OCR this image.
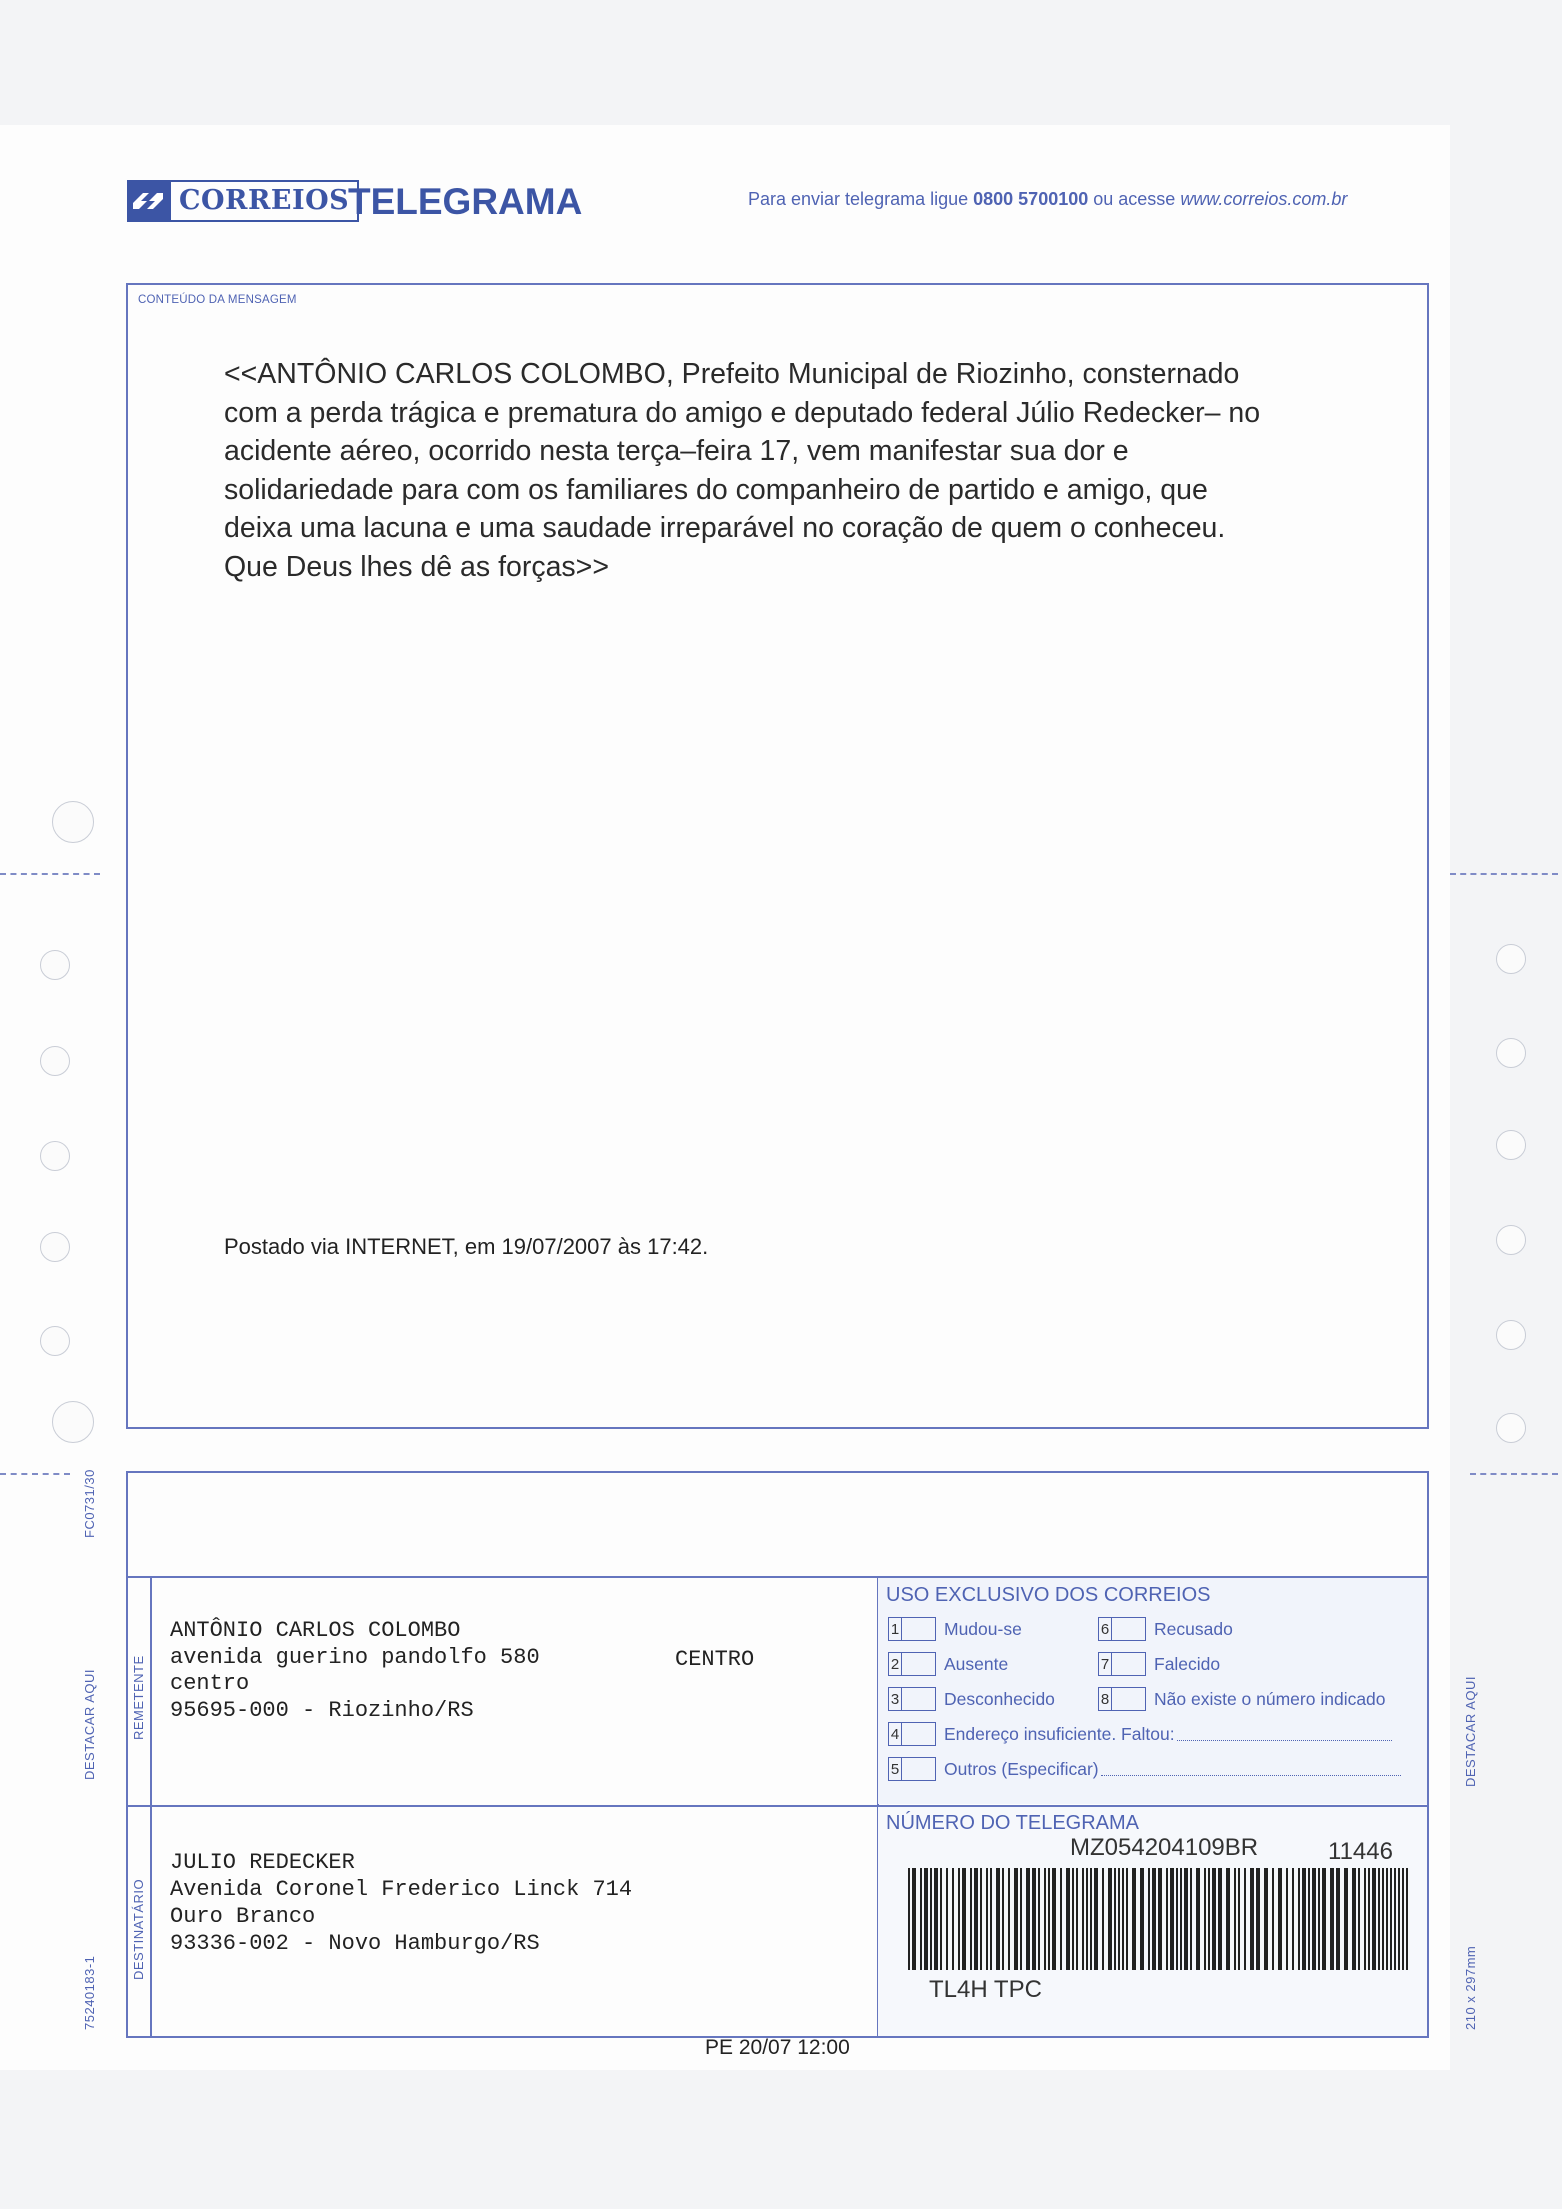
CORREIOS
TELEGRAMA	Para enviar telegrama ligue 0800 5700100 ou acesse www.correios.com.br
CONTEÚDO DA MENSAGEM
<<ANTÔNIO CARLOS COLOMBO, Prefeito Municipal de Riozinho, consternado
com a perda trágica e prematura do amigo e deputado federal Júlio Redecker– no
acidente aéreo, ocorrido nesta terça–feira 17, vem manifestar sua dor e
solidariedade para com os familiares do companheiro de partido e amigo, que
deixa uma lacuna e uma saudade irreparável no coração de quem o conheceu.
Que Deus lhes dê as forças>>
Postado via INTERNET, em 19/07/2007 às 17:42.
FC0731/30
DESTACAR AQUI	DESTACAR AQUI
75240183-1	210 x 297mm
REMETENTE
ANTÔNIO CARLOS COLOMBO
avenida guerino pandolfo 580	CENTRO
centro
95695-000 - Riozinho/RS
DESTINATÁRIO
JULIO REDECKER
Avenida Coronel Frederico Linck 714
Ouro Branco
93336-002 - Novo Hamburgo/RS
USO EXCLUSIVO DOS CORREIOS
1	Mudou-se	6	Recusado
2	Ausente	7	Falecido
3	Desconhecido	8	Não existe o número indicado
4	Endereço insuficiente. Faltou:
5	Outros (Especificar)
NÚMERO DO TELEGRAMA
MZ054204109BR	11446
TL4H TPC
PE 20/07 12:00
